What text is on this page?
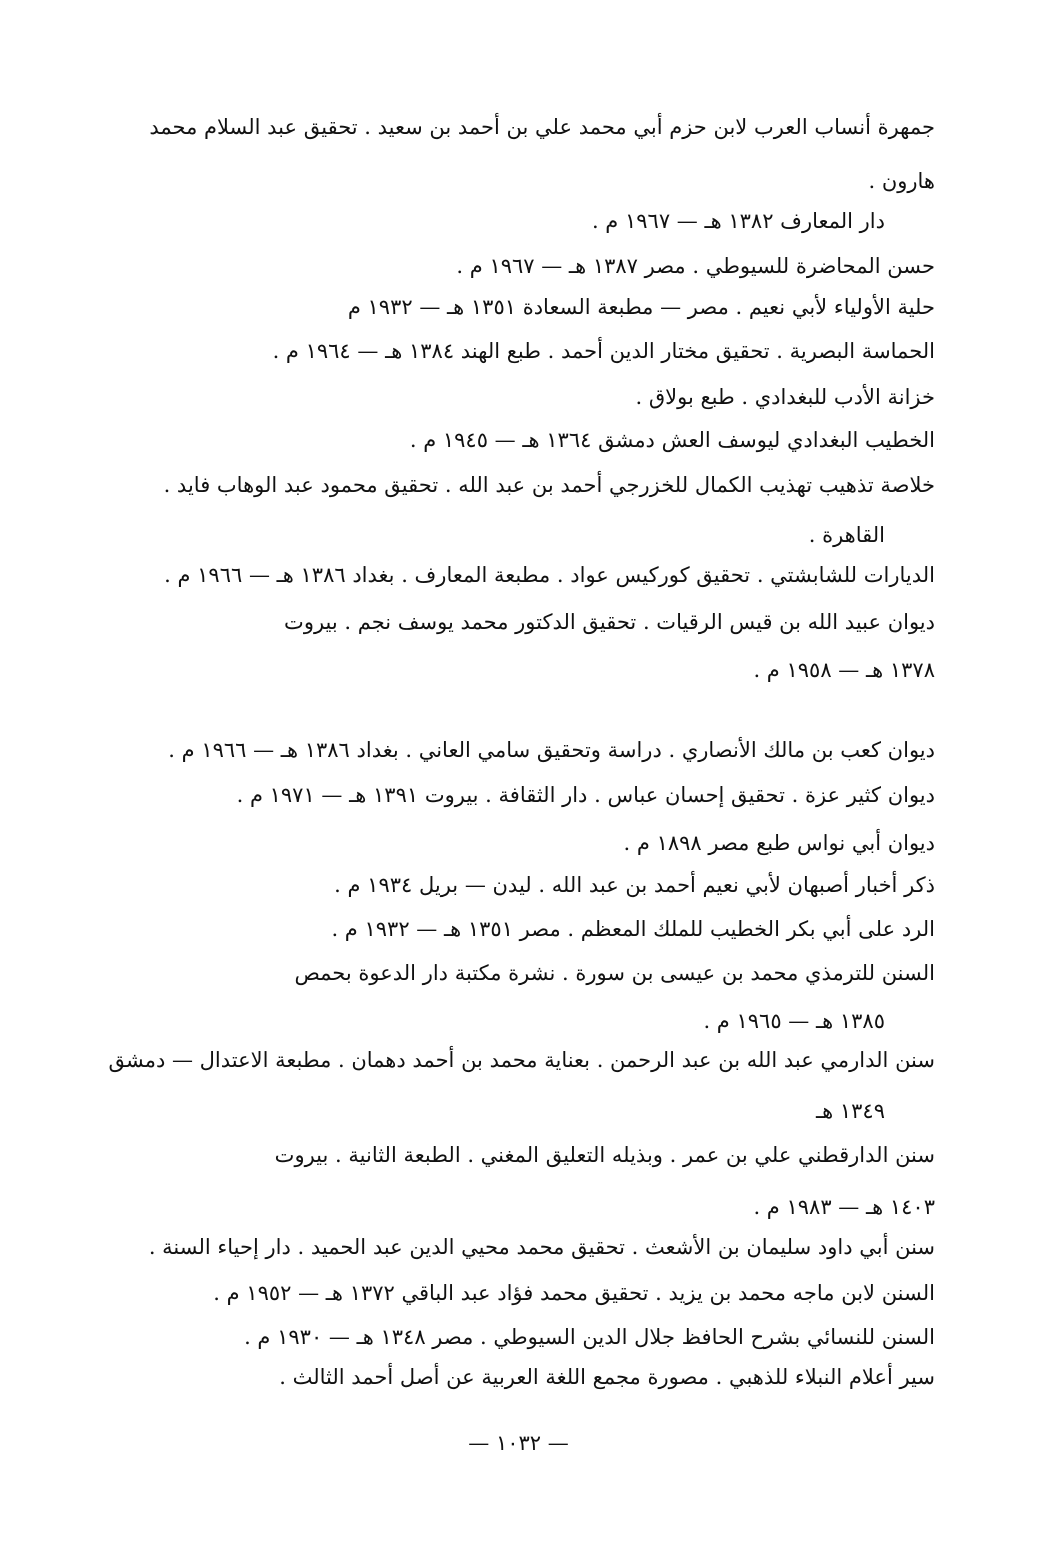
جمهرة أنساب العرب لابن حزم أبي محمد علي بن أحمد بن سعيد . تحقيق عبد السلام محمد
هارون .
دار المعارف ١٣٨٢ هـ — ١٩٦٧ م .
حسن المحاضرة للسيوطي . مصر ١٣٨٧ هـ — ١٩٦٧ م .
حلية الأولياء لأبي نعيم . مصر — مطبعة السعادة ١٣٥١ هـ — ١٩٣٢ م
الحماسة البصرية . تحقيق مختار الدين أحمد . طبع الهند ١٣٨٤ هـ — ١٩٦٤ م .
خزانة الأدب للبغدادي . طبع بولاق .
الخطيب البغدادي ليوسف العش دمشق ١٣٦٤ هـ — ١٩٤٥ م .
خلاصة تذهيب تهذيب الكمال للخزرجي أحمد بن عبد الله . تحقيق محمود عبد الوهاب فايد .
القاهرة .
الديارات للشابشتي . تحقيق كوركيس عواد . مطبعة المعارف . بغداد ١٣٨٦ هـ — ١٩٦٦ م .
ديوان عبيد الله بن قيس الرقيات . تحقيق الدكتور محمد يوسف نجم . بيروت
١٣٧٨ هـ — ١٩٥٨ م .
ديوان كعب بن مالك الأنصاري . دراسة وتحقيق سامي العاني . بغداد ١٣٨٦ هـ — ١٩٦٦ م .
ديوان كثير عزة . تحقيق إحسان عباس . دار الثقافة . بيروت ١٣٩١ هـ — ١٩٧١ م .
ديوان أبي نواس طبع مصر ١٨٩٨ م .
ذكر أخبار أصبهان لأبي نعيم أحمد بن عبد الله . ليدن — بريل ١٩٣٤ م .
الرد على أبي بكر الخطيب للملك المعظم . مصر ١٣٥١ هـ — ١٩٣٢ م .
السنن للترمذي محمد بن عيسى بن سورة . نشرة مكتبة دار الدعوة بحمص
١٣٨٥ هـ — ١٩٦٥ م .
سنن الدارمي عبد الله بن عبد الرحمن . بعناية محمد بن أحمد دهمان . مطبعة الاعتدال — دمشق
١٣٤٩ هـ
سنن الدارقطني علي بن عمر . وبذيله التعليق المغني . الطبعة الثانية . بيروت
١٤٠٣ هـ — ١٩٨٣ م .
سنن أبي داود سليمان بن الأشعث . تحقيق محمد محيي الدين عبد الحميد . دار إحياء السنة .
السنن لابن ماجه محمد بن يزيد . تحقيق محمد فؤاد عبد الباقي ١٣٧٢ هـ — ١٩٥٢ م .
السنن للنسائي بشرح الحافظ جلال الدين السيوطي . مصر ١٣٤٨ هـ — ١٩٣٠ م .
سير أعلام النبلاء للذهبي . مصورة مجمع اللغة العربية عن أصل أحمد الثالث .
— ١٠٣٢ —
